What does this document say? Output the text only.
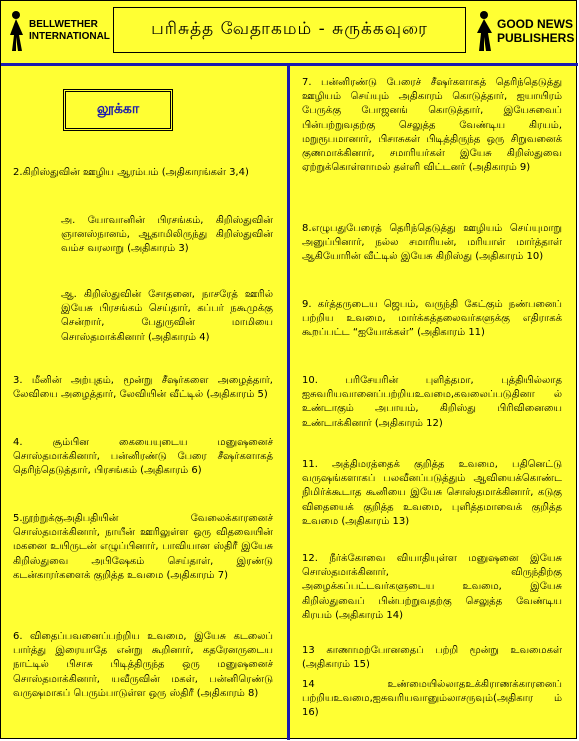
BELLWETHER
INTERNATIONAL	பரிசுத்த வேதாகமம் - சுருக்கவுரை	GOOD NEWS
PUBLISHERS
லூக்கா

2.கிறிஸ்துவின் ஊழிய ஆரம்பம் (அதிகாரங்கள் 3,4)

அ. யோவானின் பிரசங்கம், கிறிஸ்துவின் ஞானஸ்நானம், ஆதாமிலிருந்து கிறிஸ்துவின் வம்ச வரலாறு (அதிகாரம் 3)

ஆ. கிறிஸ்துவின் சோதனை, நாசரேத் ஊரில் இயேசு பிரசங்கம் செய்தார், கப்பர் நகூமுக்கு சென்றார், பேதுருவின் மாமியை சொஸ்தமாக்கினார் (அதிகாரம் 4)

3. மீனின் அற்புதம், மூன்று சீஷர்களை அழைத்தார், லேவியை அழைத்தார், லேவியின் வீட்டில் (அதிகாரம் 5)

4. சூம்பின கையையுடைய மனுஷனைச் சொஸ்தமாக்கினார், பன்னிரண்டு பேரை சீஷர்களாகத் தெரிந்தெடுத்தார், பிரசங்கம் (அதிகாரம் 6)

5.நூற்றுக்குஅதிபதியின் வேலைக்காரனைச் சொஸ்தமாக்கினார், நாயீன் ஊரிலுள்ள ஒரு விதவையின் மகனை உயிருடன் எழுப்பினார், பாவியான ஸ்திரீ இயேசு கிறிஸ்துவை அபிஷேகம் செய்தாள், இரண்டு கடன்காரர்களைக் குறித்த உவமை (அதிகாரம் 7)

6. விதைப்பவனைப்பற்றிய உவமை, இயேசு கடலைப் பார்த்து இரையாதே என்று கூறினார், கதரேனருடைய நாட்டில் பிசாசு பிடித்திருந்த ஒரு மனுஷனைச் சொஸ்தமாக்கினார், யவீருவின் மகள், பன்னிரெண்டு வருஷமாகப் பெரும்பாடுள்ள ஒரு ஸ்திரீ (அதிகாரம் 8)

7. பன்னிரண்டு பேரைச் சீஷர்களாகத் தெரிந்தெடுத்து ஊழியம் செய்யும் அதிகாரம் கொடுத்தார், ஐயாயிரம் பேருக்கு போஜனங் கொடுத்தார், இயேசுவைப் பின்பற்றுவதற்கு செலுத்த வேண்டிய கிரயம், மறுரூபமானார், பிசாசுகள் பிடித்திருந்த ஒரு சிறுவனைக் குணமாக்கினார், சமாரியர்கள் இயேசு கிறிஸ்துவை ஏற்றுக்கொள்ளாமல் தள்ளி விட்டனர் (அதிகாரம் 9)

8.எழுபதுபேரைத் தெரிந்தெடுத்து ஊழியம் செய்யுமாறு அனுப்பினார், நல்ல சமாரியன், மரியாள் மார்த்தாள் ஆகியோரின் வீட்டில் இயேசு கிறிஸ்து (அதிகாரம் 10)

9. கர்த்தருடைய ஜெபம், வருந்தி கேட்கும் நண்பனைப் பற்றிய உவமை, மார்க்கத்தலைவர்களுக்கு எதிராகக் கூறப்பட்ட “ஐயோக்கள்” (அதிகாரம் 11)

10. பரிசேயரின் புளித்தமா, புத்தியில்லாத ஐசுவரியவானைப்பற்றியஉவமை,கவலைப்படுதினா ல் உண்டாகும் அபாயம், கிறிஸ்து பிரிவினையை உண்டாக்கினார் (அதிகாரம் 12)

11. அத்திமரத்தைக் குறித்த உவமை, பதினெட்டு வருஷங்களாகப் பலவீனப்படுத்தும் ஆவியைக்கொண்ட நிமிர்க்கூடாத கூனியை இயேசு சொஸ்தமாக்கினார், கடுகு விதையைக் குறித்த உவமை, புளித்தமாவைக் குறித்த உவமை (அதிகாரம் 13)

12. நீர்க்கோவை வியாதியுள்ள மனுஷனை இயேசு சொஸ்தமாக்கினார், விருந்திற்கு அழைக்கப்பட்டவர்களுடைய உவமை, இயேசு கிறிஸ்துவைப் பின்பற்றுவதற்கு செலுத்த வேண்டிய கிரயம் (அதிகாரம் 14)

13 காணாமற்போனதைப் பற்றி மூன்று உவமைகள் (அதிகாரம் 15)

14 உண்மையில்லாதஉக்கிராணக்காரனைப் பற்றியஉவமை,ஐசுவரியவானும்லாசருவும்(அதிகார ம் 16)
